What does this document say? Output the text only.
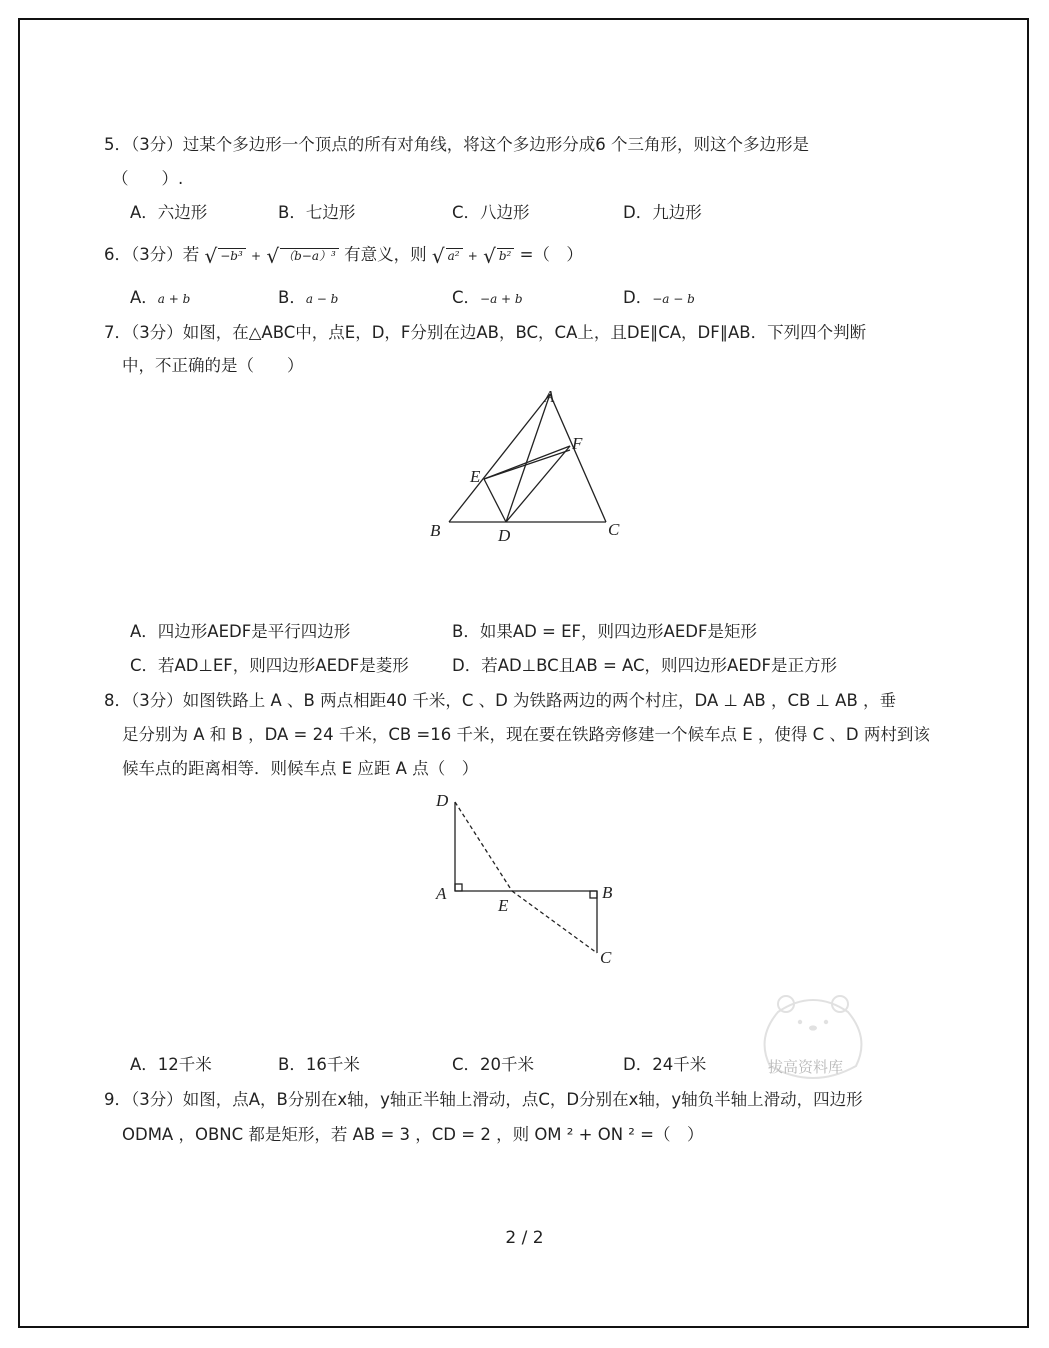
5．（3分）过某个多边形一个顶点的所有对角线，将这个多边形分成6 个三角形，则这个多边形是
（　　）.
A．六边形	B．七边形	C．八边形	D．九边形
6．（3分）若 √ −b³ + √ （b−a）³ 有意义，则 √ a² + √ b² =（　）
A．a + b	B．a − b	C．−a + b	D．−a − b
7．（3分）如图，在△ABC中，点E，D，F分别在边AB，BC，CA上，且DE∥CA，DF∥AB．下列四个判断
中，不正确的是（　　）
A
F
E
B	D	C
A．四边形AEDF是平行四边形	B．如果AD = EF，则四边形AEDF是矩形
C．若AD⊥EF，则四边形AEDF是菱形	D．若AD⊥BC且AB = AC，则四边形AEDF是正方形
8．（3分）如图铁路上 A 、B 两点相距40 千米，C 、D 为铁路两边的两个村庄，DA ⊥ AB ，CB ⊥ AB ，垂
足分别为 A 和 B ，DA = 24 千米，CB =16 千米，现在要在铁路旁修建一个候车点 E ，使得 C 、D 两村到该
候车点的距离相等．则候车点 E 应距 A 点（　）
D
A
E
B
C
A．12千米	B．16千米	C．20千米	D．24千米	拔高资料库
9．（3分）如图，点A，B分别在x轴，y轴正半轴上滑动，点C，D分别在x轴，y轴负半轴上滑动，四边形
ODMA ，OBNC 都是矩形，若 AB = 3 ，CD = 2 ，则 OM ² + ON ² =（　）
2 / 2
